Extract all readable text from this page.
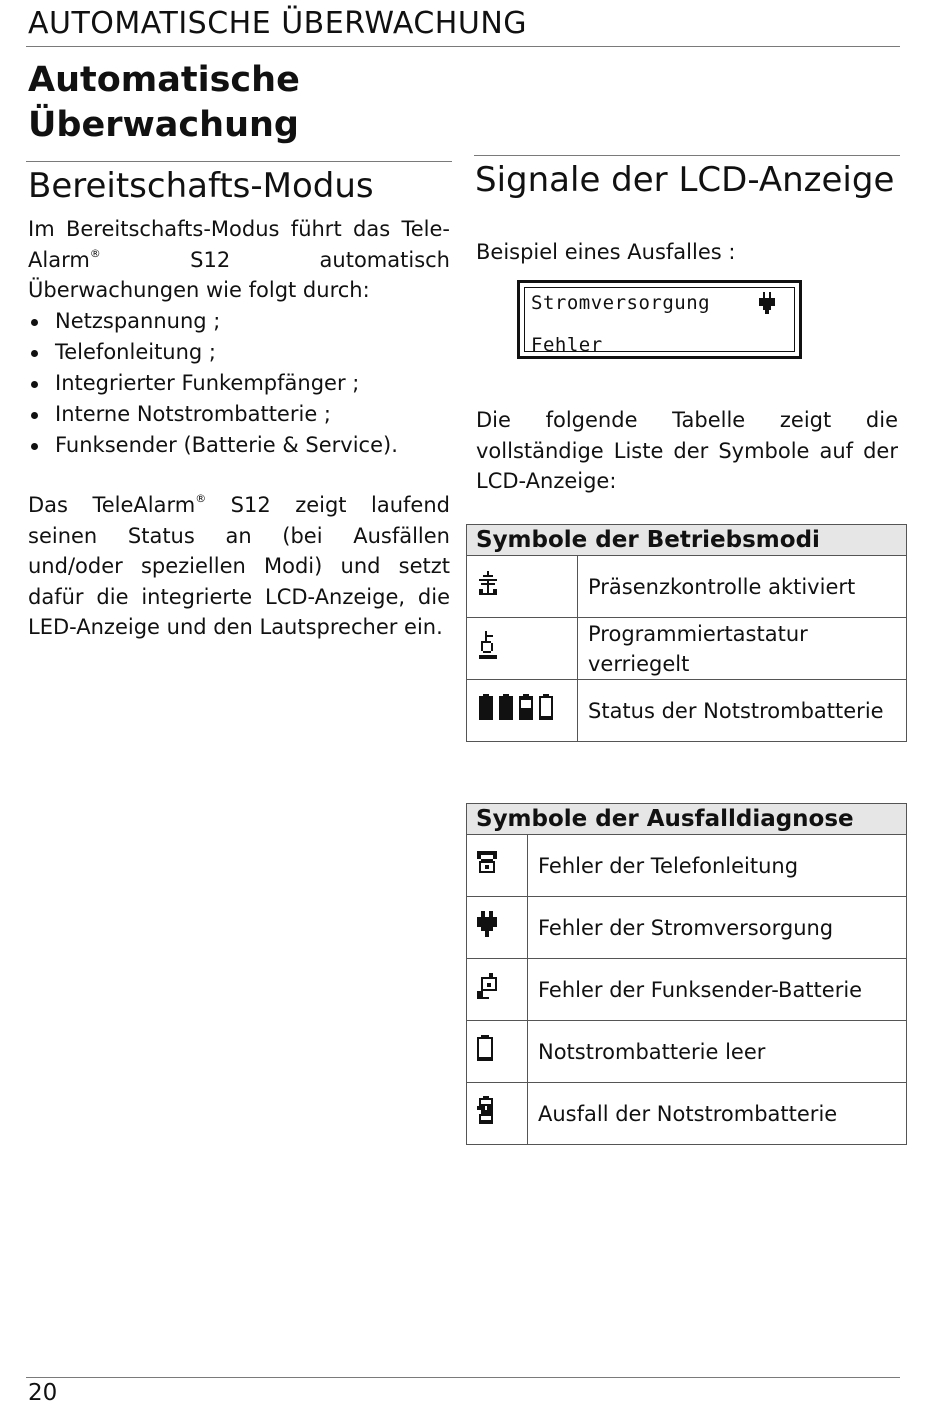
AUTOMATISCHE ÜBERWACHUNG
Automatische
Überwachung
Bereitschafts-Modus

Im Bereitschafts-Modus führt das Tele-Alarm® S12 automatisch Überwachungen wie folgt durch:

Netzspannung ;
Telefonleitung ;
Integrierter Funkempfänger ;
Interne Notstrombatterie ;
Funksender (Batterie & Service).

Das TeleAlarm® S12 zeigt laufend seinen Status an (bei Ausfällen und/oder speziellen Modi) und setzt dafür die integrierte LCD-Anzeige, die LED-Anzeige und den Lautsprecher ein.

Signale der LCD-Anzeige
Beispiel eines Ausfalles :
Stromversorgung
Fehler
Die folgende Tabelle zeigt die vollständige Liste der Symbole auf der LCD-Anzeige:
Symbole der Betriebsmodi	
	Präsenzkontrolle aktiviert
	Programmiertastatur verriegelt
	Status der Notstrombatterie
Symbole der Ausfalldiagnose	
	Fehler der Telefonleitung
	Fehler der Stromversorgung
	Fehler der Funksender-Batterie
	Notstrombatterie leer
	Ausfall der Notstrombatterie
20
